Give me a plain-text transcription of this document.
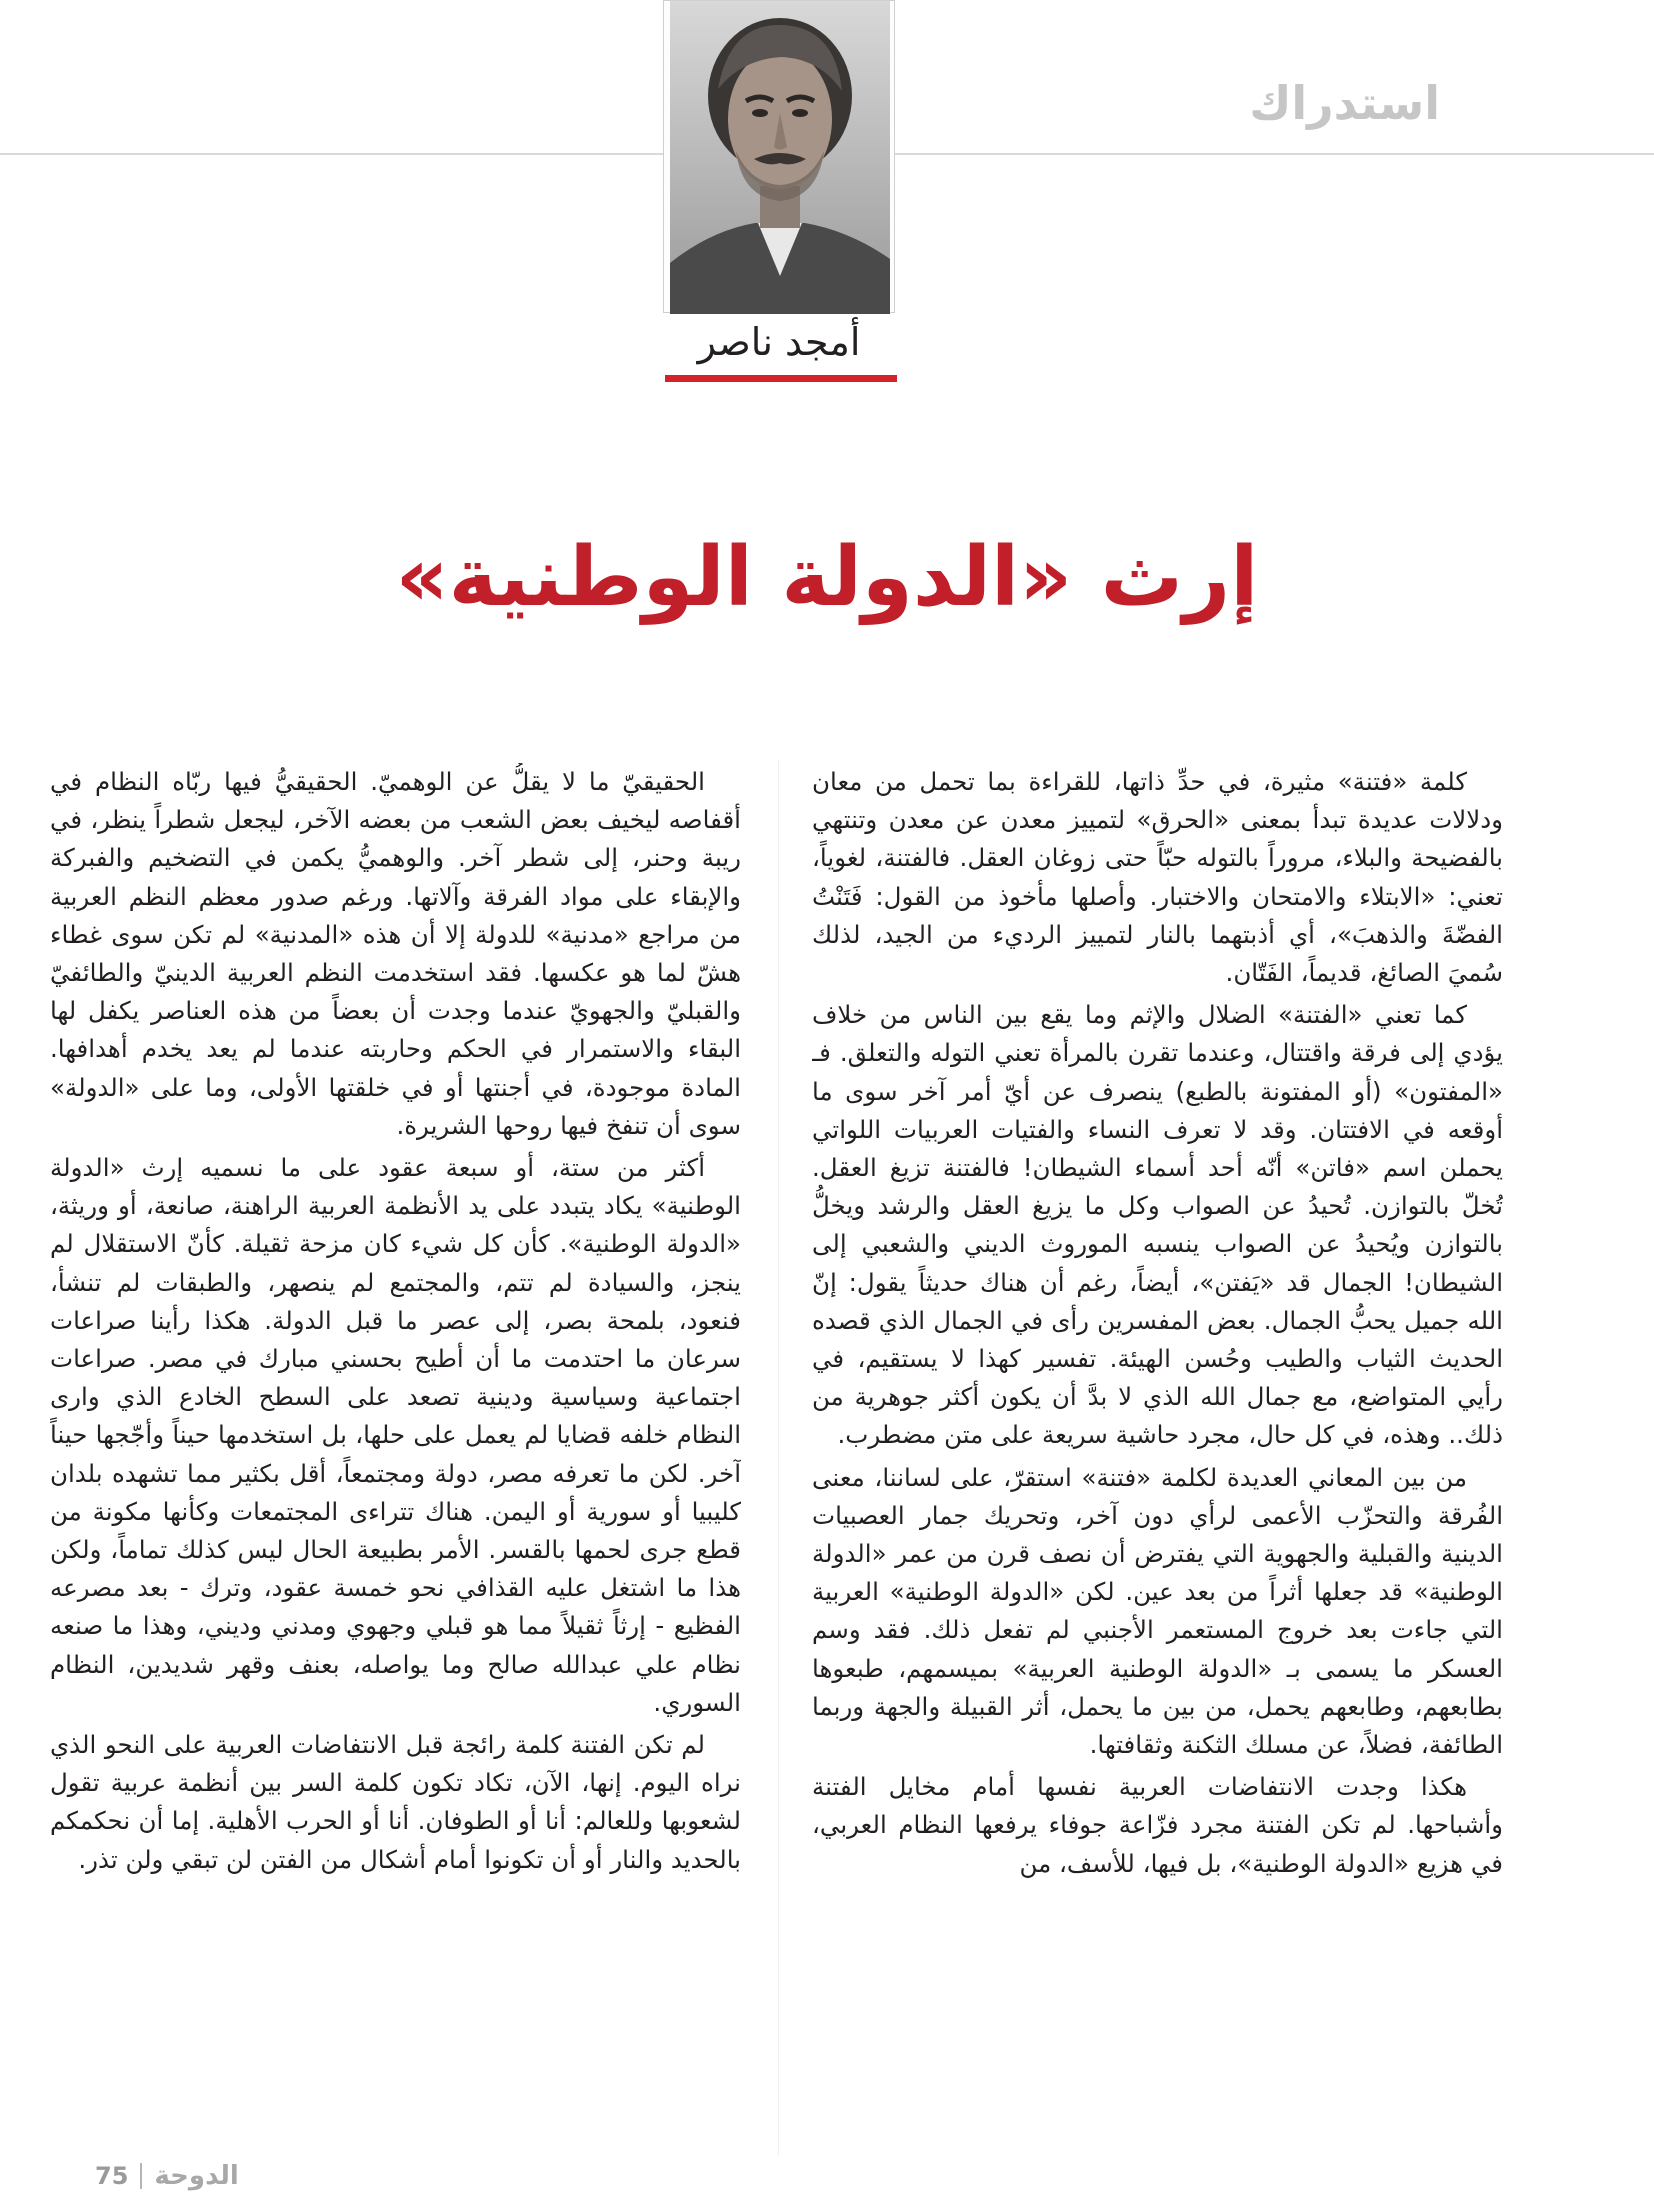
استدراك
أمجد ناصر
إرث «الدولة الوطنية»

كلمة «فتنة» مثيرة، في حدِّ ذاتها، للقراءة بما تحمل من معان ودلالات عديدة تبدأ بمعنى «الحرق» لتمييز معدن عن معدن وتنتهي بالفضيحة والبلاء، مروراً بالتوله حبّاً حتى زوغان العقل. فالفتنة، لغوياً، تعني: «الابتلاء والامتحان والاختبار. وأصلها مأخوذ من القول: فَتَنْتُ الفضّةَ والذهبَ»، أي أذبتهما بالنار لتمييز الرديء من الجيد، لذلك سُميَ الصائغ، قديماً، الفَتّان.

كما تعني «الفتنة» الضلال والإثم وما يقع بين الناس من خلاف يؤدي إلى فرقة واقتتال، وعندما تقرن بالمرأة تعني التوله والتعلق. فـ «المفتون» (أو المفتونة بالطبع) ينصرف عن أيّ أمر آخر سوى ما أوقعه في الافتتان. وقد لا تعرف النساء والفتيات العربيات اللواتي يحملن اسم «فاتن» أنّه أحد أسماء الشيطان! فالفتنة تزيغ العقل. تُخلّ بالتوازن. تُحيدُ عن الصواب وكل ما يزيغ العقل والرشد ويخلُّ بالتوازن ويُحيدُ عن الصواب ينسبه الموروث الديني والشعبي إلى الشيطان! الجمال قد «يَفتن»، أيضاً، رغم أن هناك حديثاً يقول: إنّ الله جميل يحبُّ الجمال. بعض المفسرين رأى في الجمال الذي قصده الحديث الثياب والطيب وحُسن الهيئة. تفسير كهذا لا يستقيم، في رأيي المتواضع، مع جمال الله الذي لا بدَّ أن يكون أكثر جوهرية من ذلك.. وهذه، في كل حال، مجرد حاشية سريعة على متن مضطرب.

من بين المعاني العديدة لكلمة «فتنة» استقرّ، على لساننا، معنى الفُرقة والتحزّب الأعمى لرأي دون آخر، وتحريك جمار العصبيات الدينية والقبلية والجهوية التي يفترض أن نصف قرن من عمر «الدولة الوطنية» قد جعلها أثراً من بعد عين. لكن «الدولة الوطنية» العربية التي جاءت بعد خروج المستعمر الأجنبي لم تفعل ذلك. فقد وسم العسكر ما يسمى بـ «الدولة الوطنية العربية» بميسمهم، طبعوها بطابعهم، وطابعهم يحمل، من بين ما يحمل، أثر القبيلة والجهة وربما الطائفة، فضلاً، عن مسلك الثكنة وثقافتها.

هكذا وجدت الانتفاضات العربية نفسها أمام مخايل الفتنة وأشباحها. لم تكن الفتنة مجرد فزّاعة جوفاء يرفعها النظام العربي، في هزيع «الدولة الوطنية»، بل فيها، للأسف، من

الحقيقيّ ما لا يقلُّ عن الوهميّ. الحقيقيُّ فيها ربّاه النظام في أقفاصه ليخيف بعض الشعب من بعضه الآخر، ليجعل شطراً ينظر، في ريبة وحنر، إلى شطر آخر. والوهميُّ يكمن في التضخيم والفبركة والإبقاء على مواد الفرقة وآلاتها. ورغم صدور معظم النظم العربية من مراجع «مدنية» للدولة إلا أن هذه «المدنية» لم تكن سوى غطاء هشّ لما هو عكسها. فقد استخدمت النظم العربية الدينيّ والطائفيّ والقبليّ والجهويّ عندما وجدت أن بعضاً من هذه العناصر يكفل لها البقاء والاستمرار في الحكم وحاربته عندما لم يعد يخدم أهدافها. المادة موجودة، في أجنتها أو في خلقتها الأولى، وما على «الدولة» سوى أن تنفخ فيها روحها الشريرة.

أكثر من ستة، أو سبعة عقود على ما نسميه إرث «الدولة الوطنية» يكاد يتبدد على يد الأنظمة العربية الراهنة، صانعة، أو وريثة، «الدولة الوطنية». كأن كل شيء كان مزحة ثقيلة. كأنّ الاستقلال لم ينجز، والسيادة لم تتم، والمجتمع لم ينصهر، والطبقات لم تنشأ، فنعود، بلمحة بصر، إلى عصر ما قبل الدولة. هكذا رأينا صراعات سرعان ما احتدمت ما أن أطيح بحسني مبارك في مصر. صراعات اجتماعية وسياسية ودينية تصعد على السطح الخادع الذي وارى النظام خلفه قضايا لم يعمل على حلها، بل استخدمها حيناً وأجّجها حيناً آخر. لكن ما تعرفه مصر، دولة ومجتمعاً، أقل بكثير مما تشهده بلدان كليبيا أو سورية أو اليمن. هناك تتراءى المجتمعات وكأنها مكونة من قطع جرى لحمها بالقسر. الأمر بطبيعة الحال ليس كذلك تماماً، ولكن هذا ما اشتغل عليه القذافي نحو خمسة عقود، وترك - بعد مصرعه الفظيع - إرثاً ثقيلاً مما هو قبلي وجهوي ومدني وديني، وهذا ما صنعه نظام علي عبدالله صالح وما يواصله، بعنف وقهر شديدين، النظام السوري.

لم تكن الفتنة كلمة رائجة قبل الانتفاضات العربية على النحو الذي نراه اليوم. إنها، الآن، تكاد تكون كلمة السر بين أنظمة عربية تقول لشعوبها وللعالم: أنا أو الطوفان. أنا أو الحرب الأهلية. إما أن نحكمكم بالحديد والنار أو أن تكونوا أمام أشكال من الفتن لن تبقي ولن تذر.

75 الدوحة
